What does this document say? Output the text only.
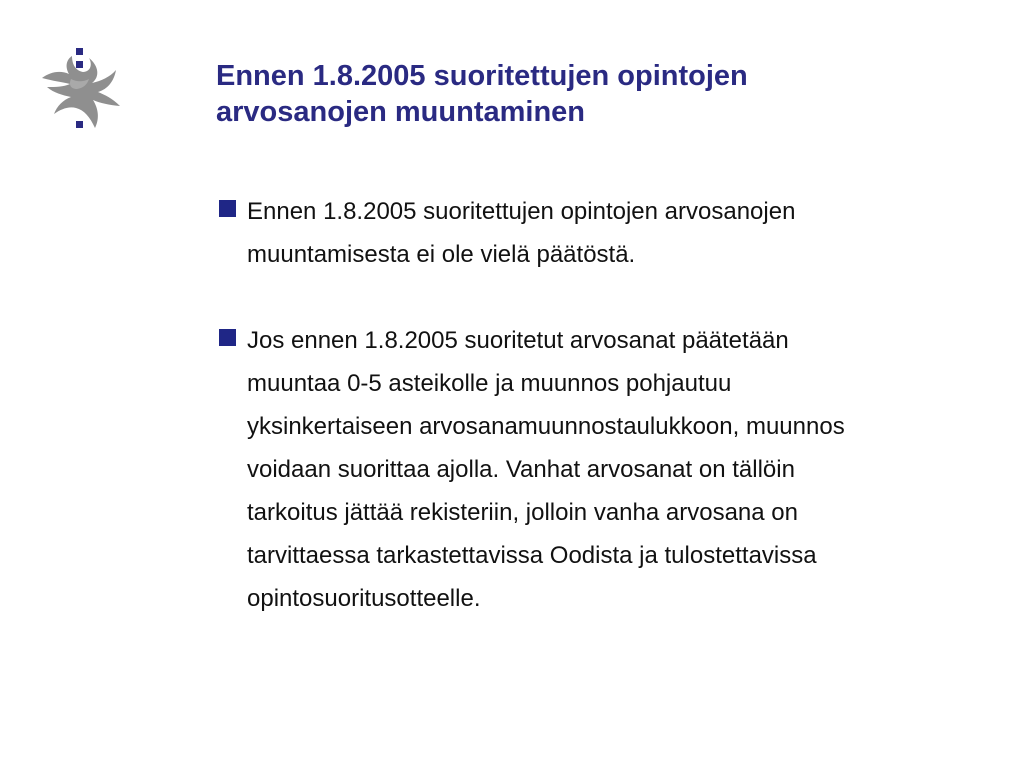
Ennen 1.8.2005 suoritettujen opintojen
arvosanojen muuntaminen
Ennen 1.8.2005 suoritettujen opintojen arvosanojen
muuntamisesta ei ole vielä päätöstä.
Jos ennen 1.8.2005 suoritetut arvosanat päätetään
muuntaa 0-5 asteikolle ja muunnos pohjautuu
yksinkertaiseen arvosanamuunnostaulukkoon, muunnos
voidaan suorittaa ajolla. Vanhat arvosanat on tällöin
tarkoitus jättää rekisteriin, jolloin vanha arvosana on
tarvittaessa tarkastettavissa Oodista ja tulostettavissa
opintosuoritusotteelle.
